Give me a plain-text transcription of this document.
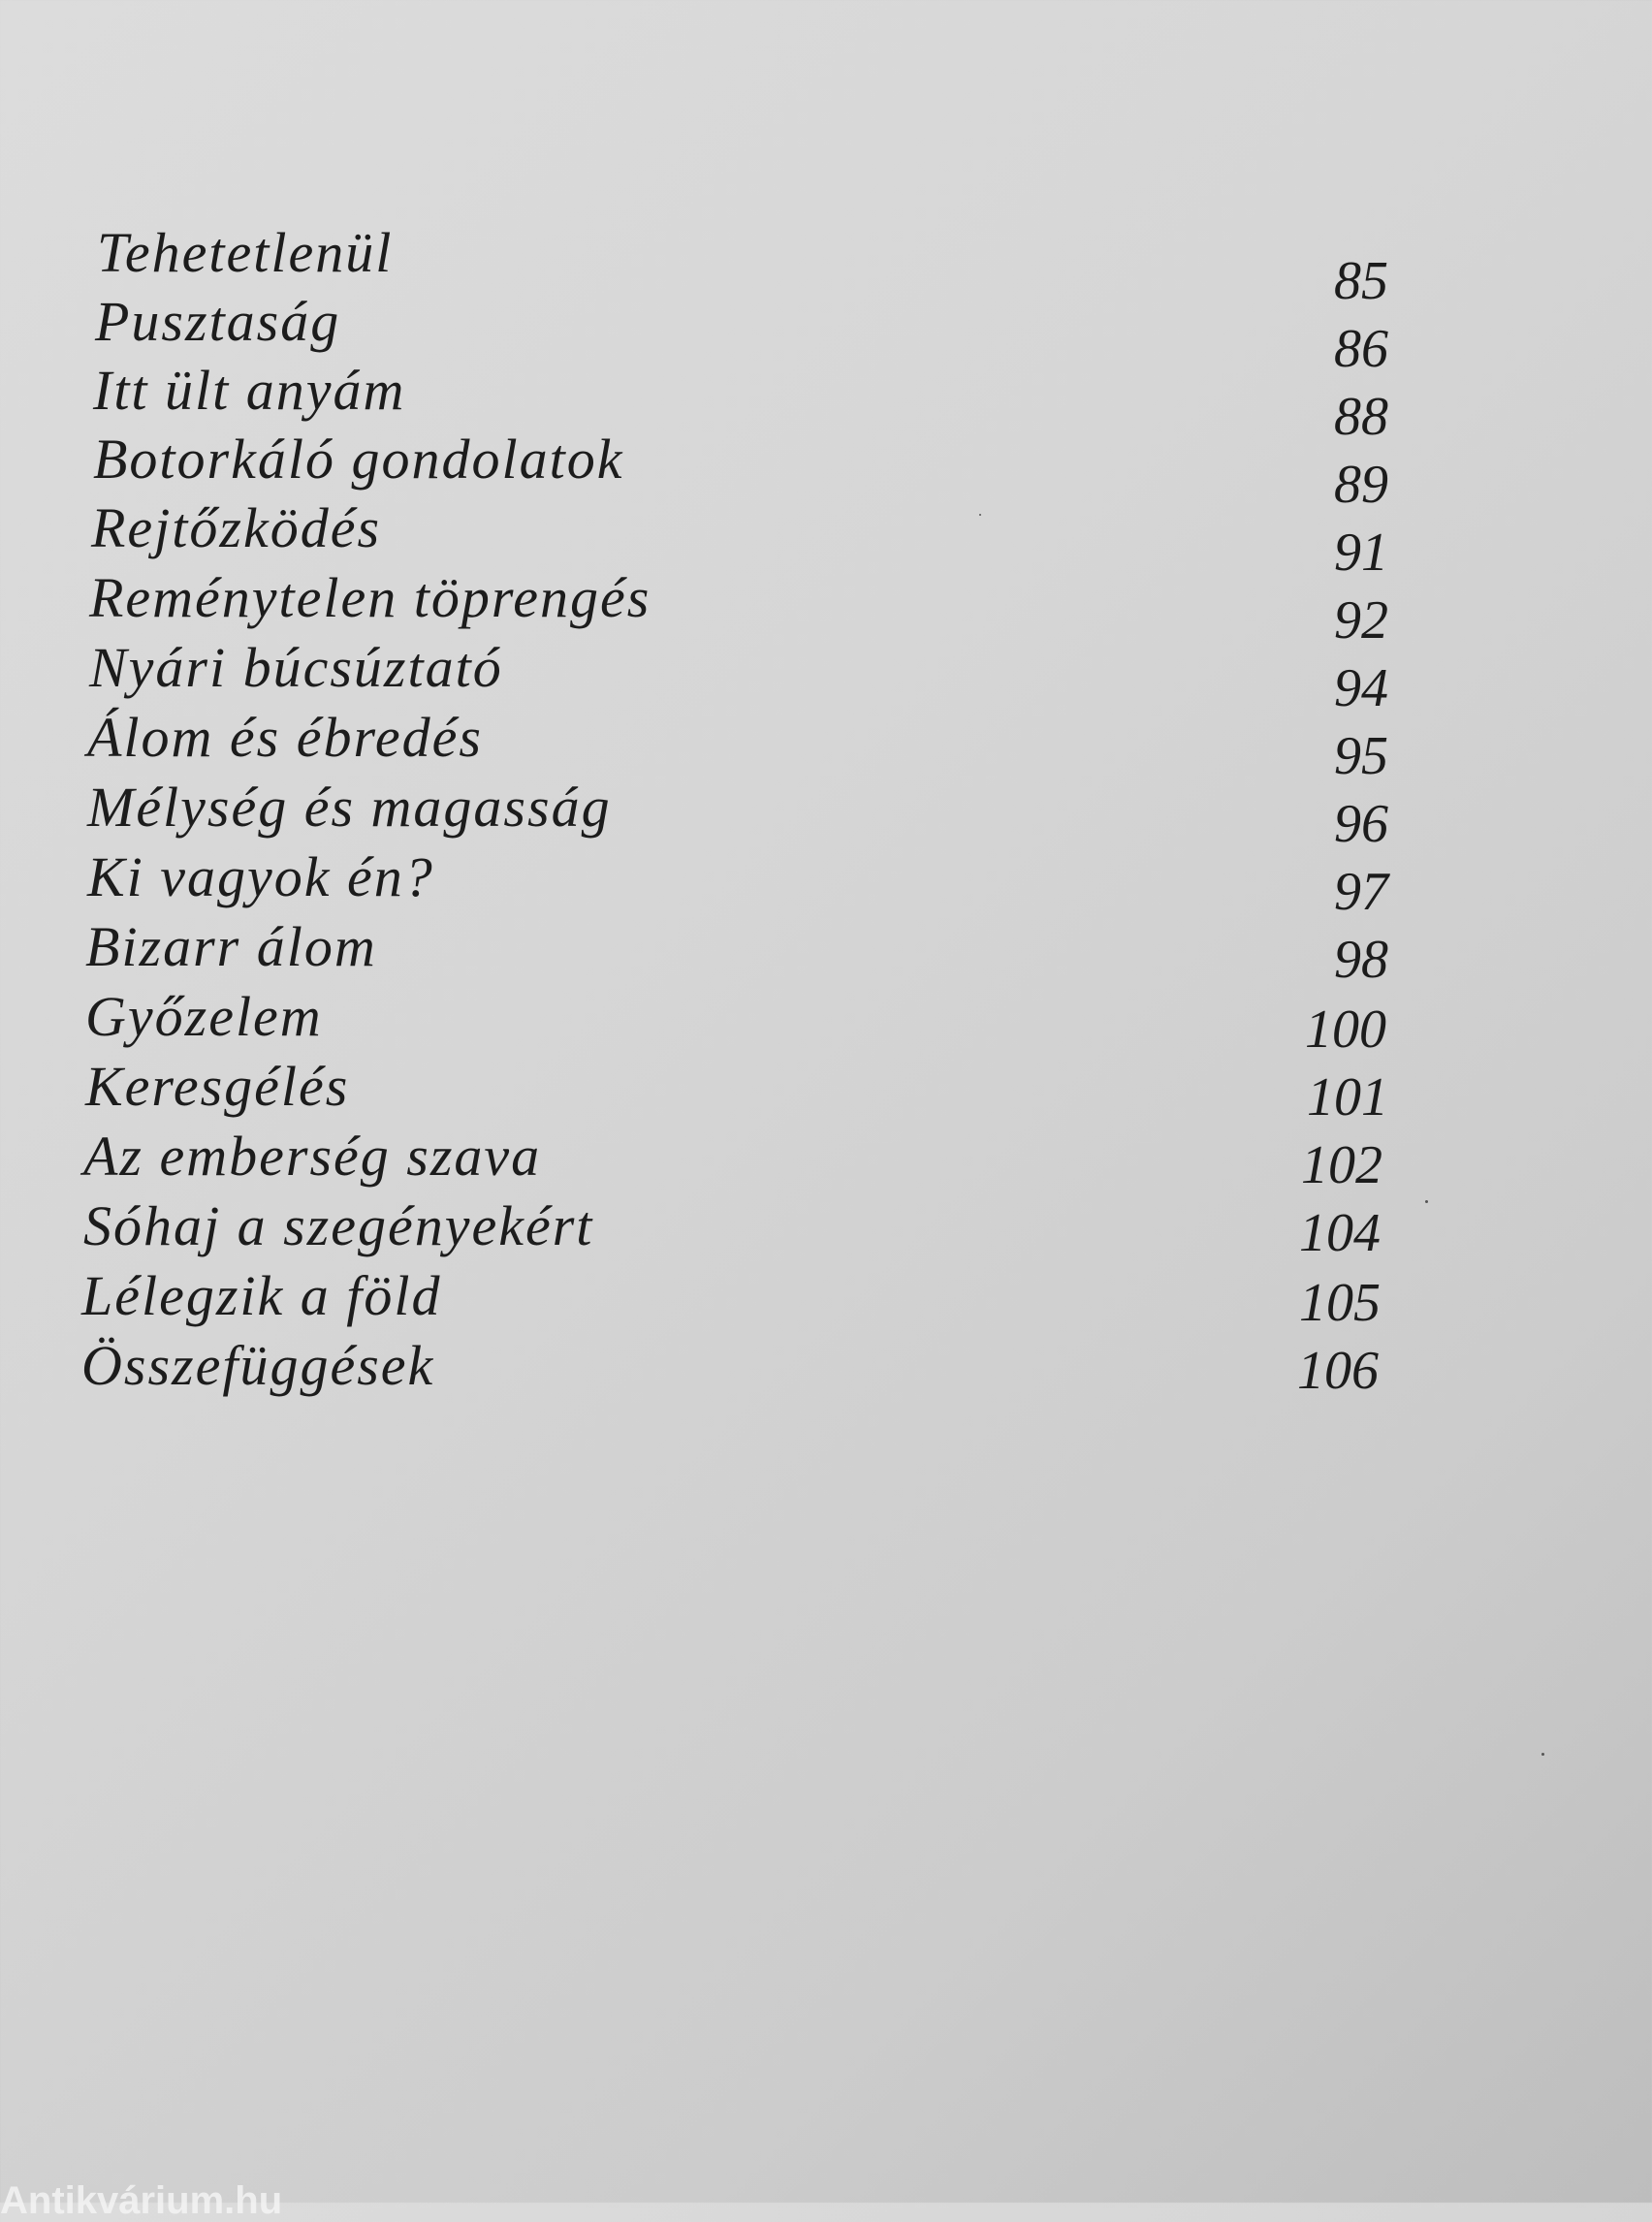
Tehetetlenül	85
Pusztaság	86
Itt ült anyám	88
Botorkáló gondolatok	89
Rejtőzködés	91
Reménytelen töprengés	92
Nyári búcsúztató	94
Álom és ébredés	95
Mélység és magasság	96
Ki vagyok én?	97
Bizarr álom	98
Győzelem	100
Keresgélés	101
Az emberség szava	102
Sóhaj a szegényekért	104
Lélegzik a föld	105
Összefüggések	106
Antikvárium.hu
